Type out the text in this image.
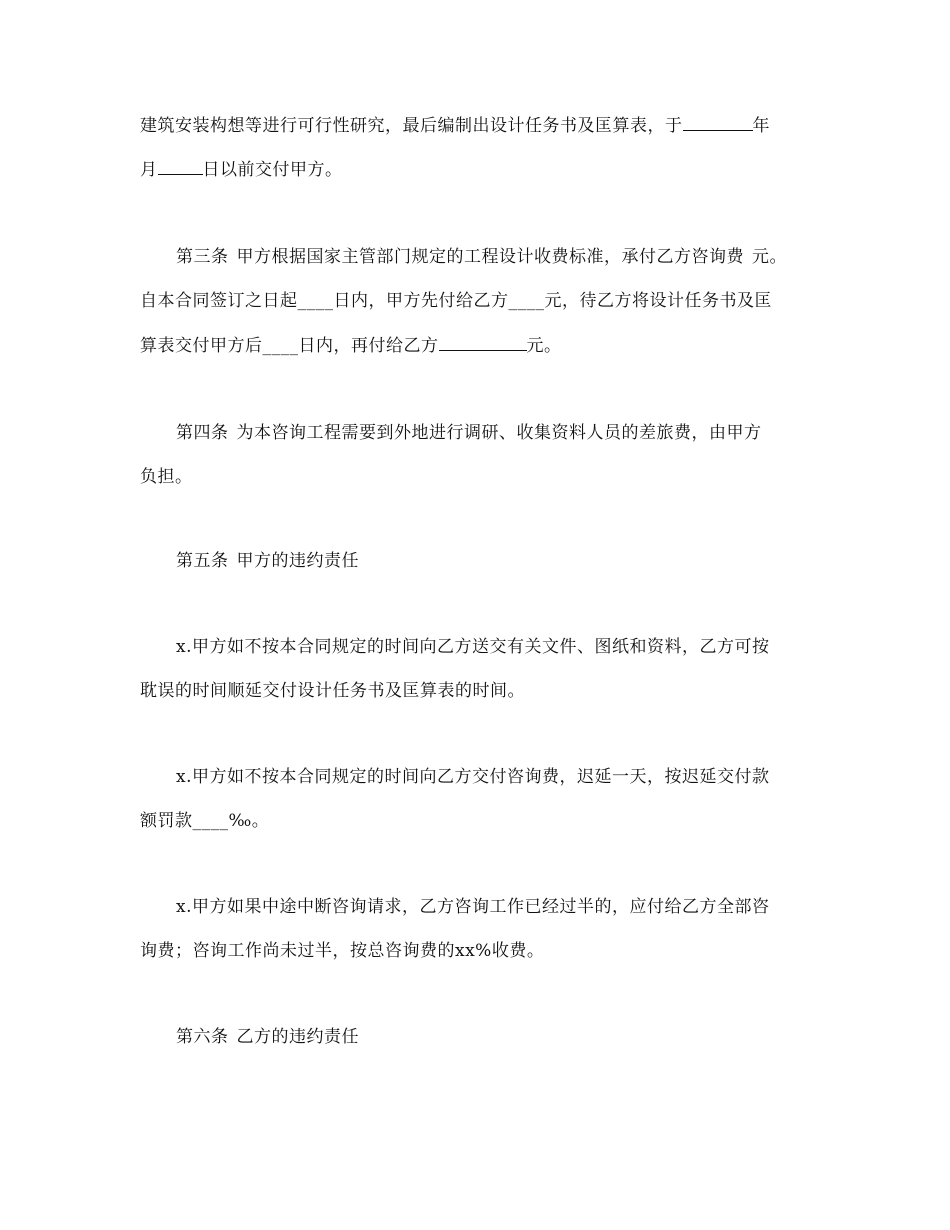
建筑安装构想等进行可行性研究，最后编制出设计任务书及匡算表，于	年
月	日以前交付甲方。
第三条 甲方根据国家主管部门规定的工程设计收费标准，承付乙方咨询费 元。
自本合同签订之日起____日内，甲方先付给乙方____元，待乙方将设计任务书及匡
算表交付甲方后____日内，再付给乙方	元。
第四条 为本咨询工程需要到外地进行调研、收集资料人员的差旅费，由甲方
负担。
第五条 甲方的违约责任
x.甲方如不按本合同规定的时间向乙方送交有关文件、图纸和资料，乙方可按
耽误的时间顺延交付设计任务书及匡算表的时间。
x.甲方如不按本合同规定的时间向乙方交付咨询费，迟延一天，按迟延交付款
额罚款____‰。
x.甲方如果中途中断咨询请求，乙方咨询工作已经过半的，应付给乙方全部咨
询费；咨询工作尚未过半，按总咨询费的xx%收费。
第六条 乙方的违约责任
